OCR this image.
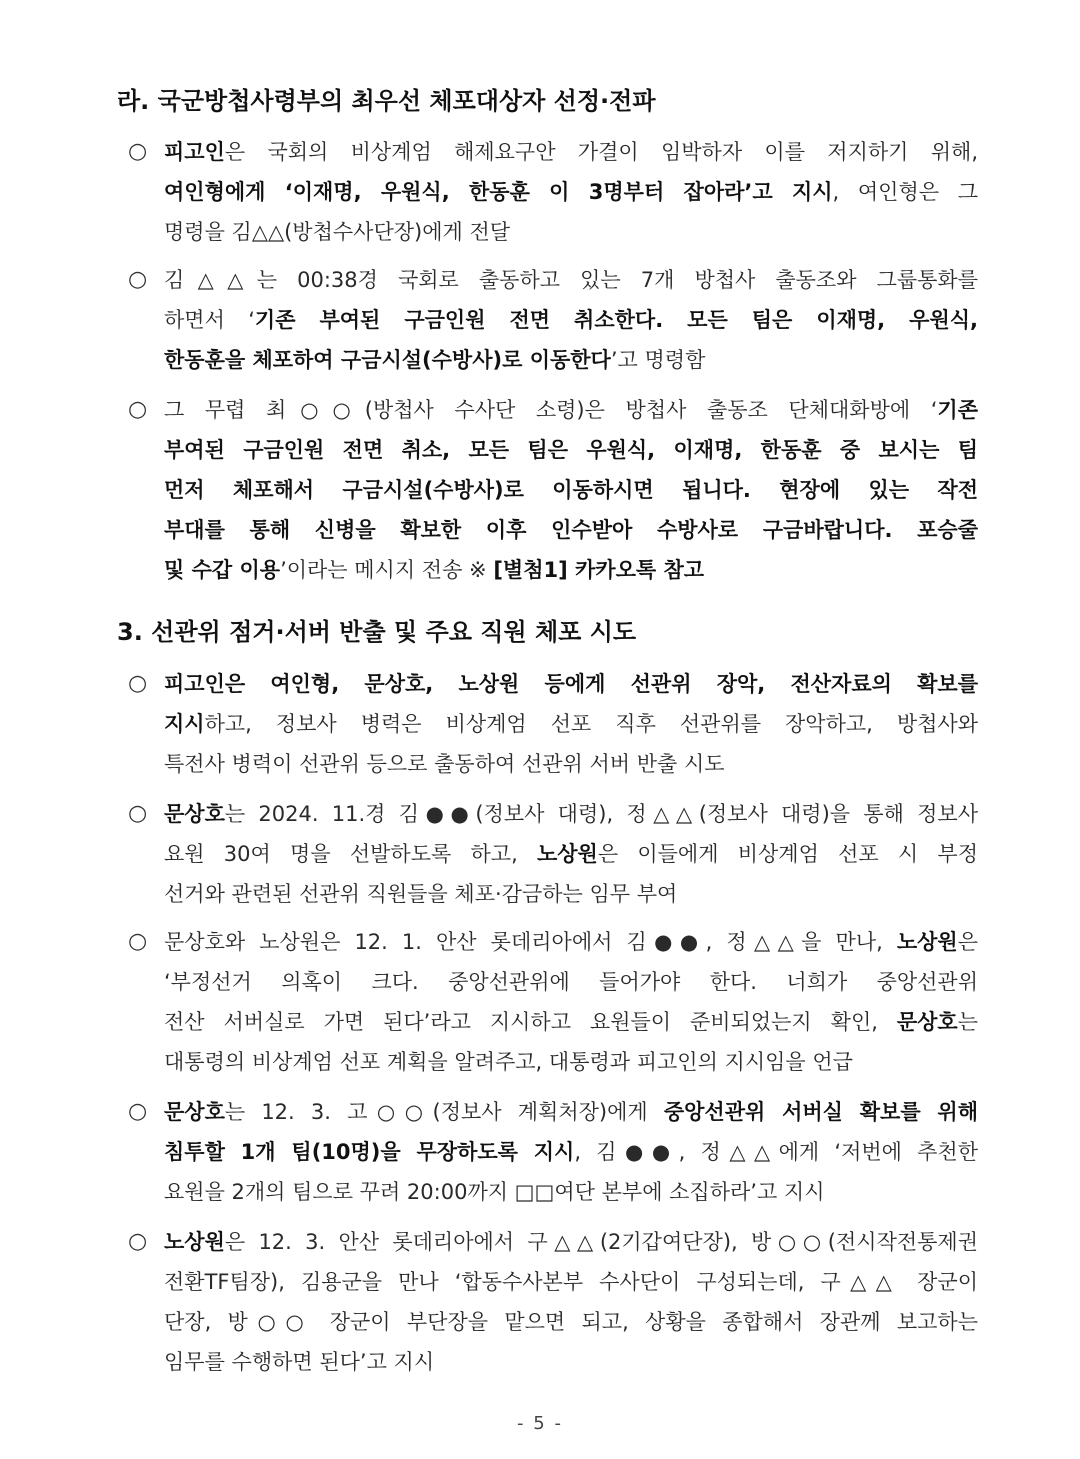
라. 국군방첩사령부의 최우선 체포대상자 선정·전파
○ 피고인은 국회의 비상계엄 해제요구안 가결이 임박하자 이를 저지하기 위해,
여인형에게 ‘이재명, 우원식, 한동훈 이 3명부터 잡아라’고 지시, 여인형은 그
명령을 김△△(방첩수사단장)에게 전달
○ 김△△는 00:38경 국회로 출동하고 있는 7개 방첩사 출동조와 그룹통화를
하면서 ‘기존 부여된 구금인원 전면 취소한다. 모든 팀은 이재명, 우원식,
한동훈을 체포하여 구금시설(수방사)로 이동한다’고 명령함
○ 그 무렵 최○○(방첩사 수사단 소령)은 방첩사 출동조 단체대화방에 ‘기존
부여된 구금인원 전면 취소, 모든 팀은 우원식, 이재명, 한동훈 중 보시는 팀
먼저 체포해서 구금시설(수방사)로 이동하시면 됩니다. 현장에 있는 작전
부대를 통해 신병을 확보한 이후 인수받아 수방사로 구금바랍니다. 포승줄
및 수갑 이용’이라는 메시지 전송 ※ [별첨1] 카카오톡 참고
3. 선관위 점거·서버 반출 및 주요 직원 체포 시도
○ 피고인은 여인형, 문상호, 노상원 등에게 선관위 장악, 전산자료의 확보를
지시하고, 정보사 병력은 비상계엄 선포 직후 선관위를 장악하고, 방첩사와
특전사 병력이 선관위 등으로 출동하여 선관위 서버 반출 시도
○ 문상호는 2024. 11.경 김●●(정보사 대령), 정△△(정보사 대령)을 통해 정보사
요원 30여 명을 선발하도록 하고, 노상원은 이들에게 비상계엄 선포 시 부정
선거와 관련된 선관위 직원들을 체포·감금하는 임무 부여
○ 문상호와 노상원은 12. 1. 안산 롯데리아에서 김●●, 정△△을 만나, 노상원은
‘부정선거 의혹이 크다. 중앙선관위에 들어가야 한다. 너희가 중앙선관위
전산 서버실로 가면 된다’라고 지시하고 요원들이 준비되었는지 확인, 문상호는
대통령의 비상계엄 선포 계획을 알려주고, 대통령과 피고인의 지시임을 언급
○ 문상호는 12. 3. 고○○(정보사 계획처장)에게 중앙선관위 서버실 확보를 위해
침투할 1개 팀(10명)을 무장하도록 지시, 김●●, 정△△에게 ‘저번에 추천한
요원을 2개의 팀으로 꾸려 20:00까지 □□여단 본부에 소집하라’고 지시
○ 노상원은 12. 3. 안산 롯데리아에서 구△△(2기갑여단장), 방○○(전시작전통제권
전환TF팀장), 김용군을 만나 ‘합동수사본부 수사단이 구성되는데, 구△△ 장군이
단장, 방○○ 장군이 부단장을 맡으면 되고, 상황을 종합해서 장관께 보고하는
임무를 수행하면 된다’고 지시
- 5 -
